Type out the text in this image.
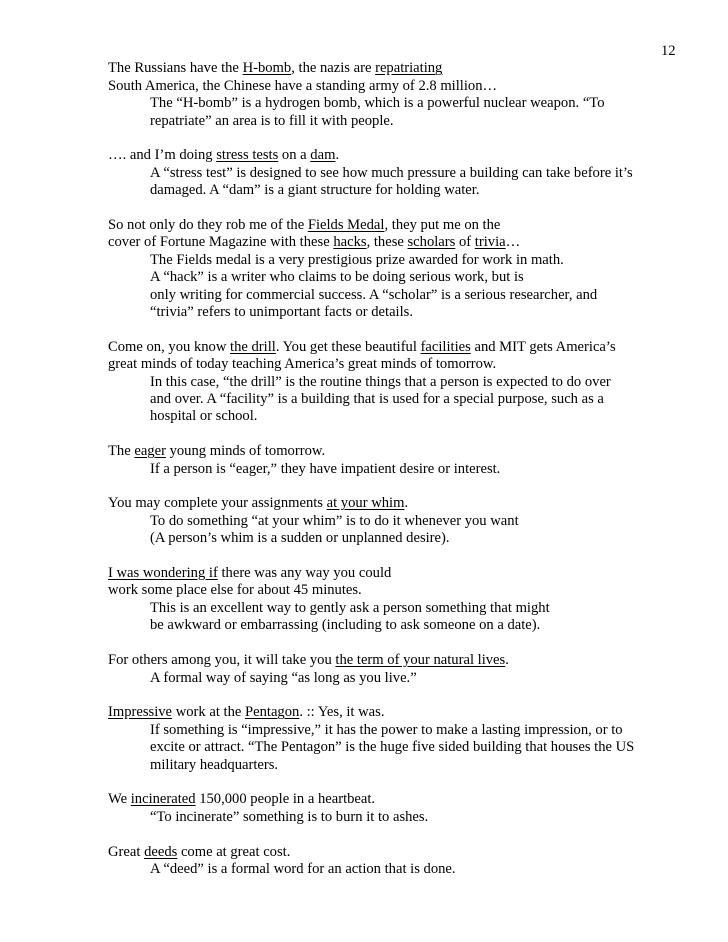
12
The Russians have the H-bomb, the nazis are repatriating
South America, the Chinese have a standing army of 2.8 million…
The “H-bomb” is a hydrogen bomb, which is a powerful nuclear weapon. “To
repatriate” an area is to fill it with people.
…. and I’m doing stress tests on a dam.
A “stress test” is designed to see how much pressure a building can take before it’s
damaged. A “dam” is a giant structure for holding water.
So not only do they rob me of the Fields Medal, they put me on the
cover of Fortune Magazine with these hacks, these scholars of trivia…
The Fields medal is a very prestigious prize awarded for work in math.
A “hack” is a writer who claims to be doing serious work, but is
only writing for commercial success. A “scholar” is a serious researcher, and
“trivia” refers to unimportant facts or details.
Come on, you know the drill. You get these beautiful facilities and MIT gets America’s
great minds of today teaching America’s great minds of tomorrow.
In this case, “the drill” is the routine things that a person is expected to do over
and over. A “facility” is a building that is used for a special purpose, such as a
hospital or school.
The eager young minds of tomorrow.
If a person is “eager,” they have impatient desire or interest.
You may complete your assignments at your whim.
To do something “at your whim” is to do it whenever you want
(A person’s whim is a sudden or unplanned desire).
I was wondering if there was any way you could
work some place else for about 45 minutes.
This is an excellent way to gently ask a person something that might
be awkward or embarrassing (including to ask someone on a date).
For others among you, it will take you the term of your natural lives.
A formal way of saying “as long as you live.”
Impressive work at the Pentagon. :: Yes, it was.
If something is “impressive,” it has the power to make a lasting impression, or to
excite or attract. “The Pentagon” is the huge five sided building that houses the US
military headquarters.
We incinerated 150,000 people in a heartbeat.
“To incinerate” something is to burn it to ashes.
Great deeds come at great cost.
A “deed” is a formal word for an action that is done.
